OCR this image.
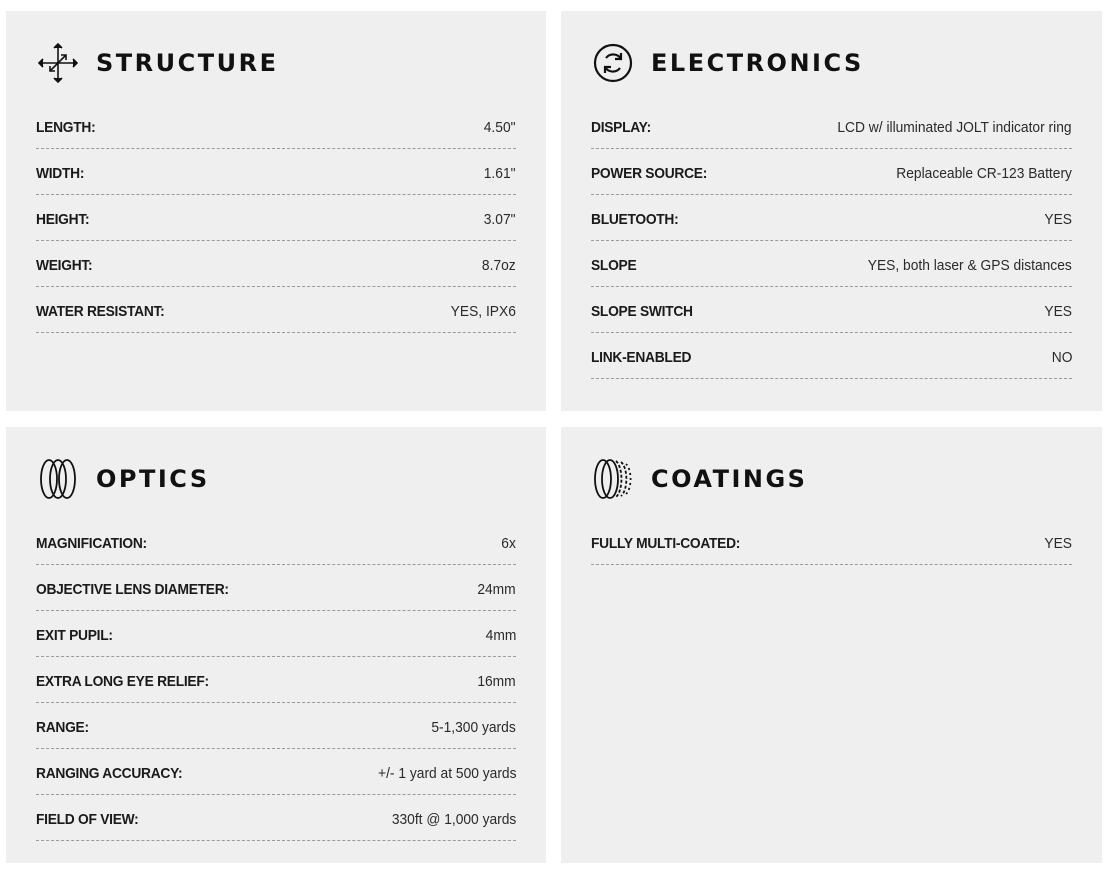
STRUCTURE
LENGTH:	4.50"
WIDTH:	1.61"
HEIGHT:	3.07"
WEIGHT:	8.7oz
WATER RESISTANT:	YES, IPX6
ELECTRONICS
DISPLAY:	LCD w/ illuminated JOLT indicator ring
POWER SOURCE:	Replaceable CR-123 Battery
BLUETOOTH:	YES
SLOPE	YES, both laser & GPS distances
SLOPE SWITCH	YES
LINK-ENABLED	NO
OPTICS
MAGNIFICATION:	6x
OBJECTIVE LENS DIAMETER:	24mm
EXIT PUPIL:	4mm
EXTRA LONG EYE RELIEF:	16mm
RANGE:	5-1,300 yards
RANGING ACCURACY:	+/- 1 yard at 500 yards
FIELD OF VIEW:	330ft @ 1,000 yards
COATINGS
FULLY MULTI-COATED:	YES
